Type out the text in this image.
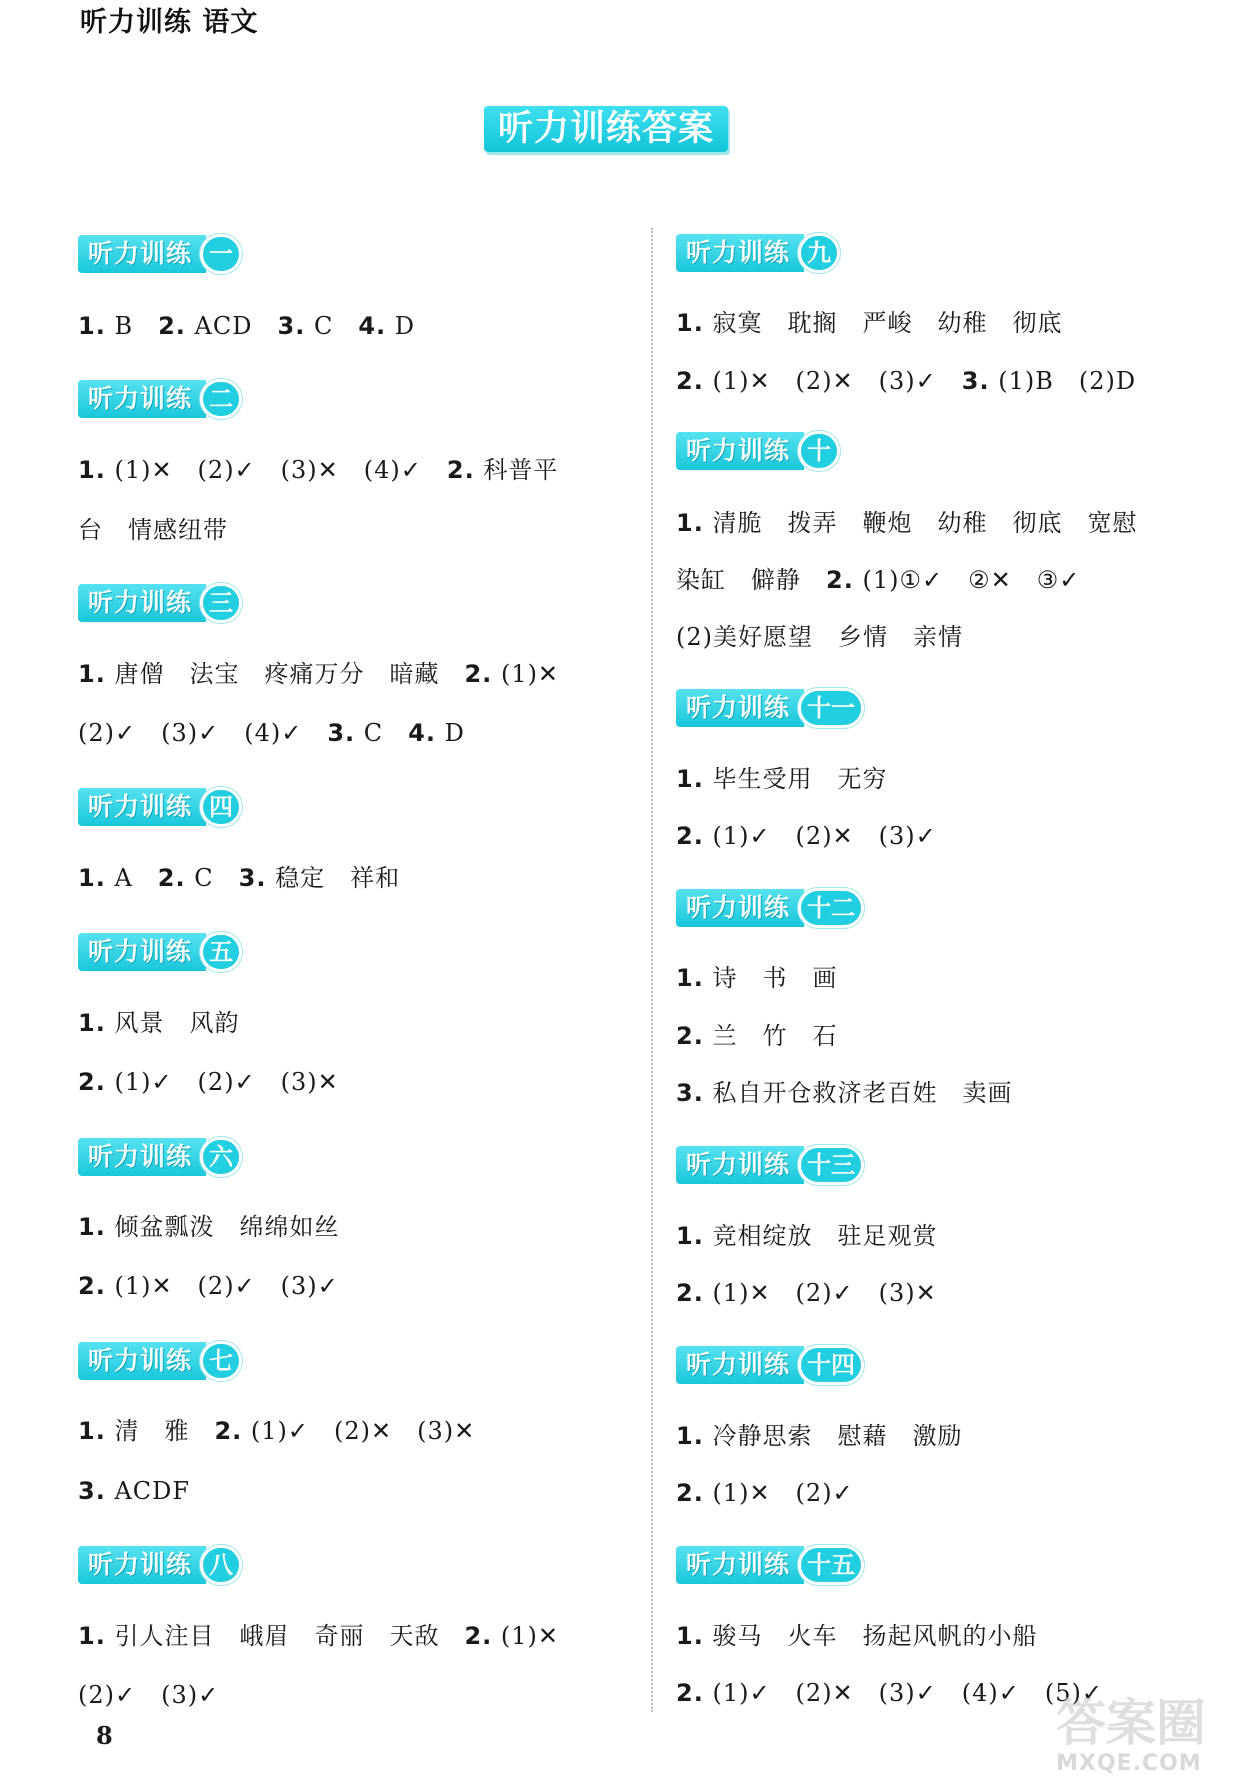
听力训练 语文
听力训练答案
听力训练 一
1. B　2. ACD　3. C　4. D
听力训练 二
1. (1)✕　(2)✓　(3)✕　(4)✓　2. 科普平
台　情感纽带
听力训练 三
1. 唐僧　法宝　疼痛万分　暗藏　2. (1)✕
(2)✓　(3)✓　(4)✓　3. C　4. D
听力训练 四
1. A　2. C　3. 稳定　祥和
听力训练 五
1. 风景　风韵
2. (1)✓　(2)✓　(3)✕
听力训练 六
1. 倾盆瓢泼　绵绵如丝
2. (1)✕　(2)✓　(3)✓
听力训练 七
1. 清　雅　2. (1)✓　(2)✕　(3)✕
3. ACDF
听力训练 八
1. 引人注目　峨眉　奇丽　天敌　2. (1)✕
(2)✓　(3)✓
听力训练 九
1. 寂寞　耽搁　严峻　幼稚　彻底
2. (1)✕　(2)✕　(3)✓　3. (1)B　(2)D
听力训练 十
1. 清脆　拨弄　鞭炮　幼稚　彻底　宽慰
染缸　僻静　2. (1)①✓　②✕　③✓
(2)美好愿望　乡情　亲情
听力训练 十一
1. 毕生受用　无穷
2. (1)✓　(2)✕　(3)✓
听力训练 十二
1. 诗　书　画
2. 兰　竹　石
3. 私自开仓救济老百姓　卖画
听力训练 十三
1. 竞相绽放　驻足观赏
2. (1)✕　(2)✓　(3)✕
听力训练 十四
1. 冷静思索　慰藉　激励
2. (1)✕　(2)✓
听力训练 十五
1. 骏马　火车　扬起风帆的小船
2. (1)✓　(2)✕　(3)✓　(4)✓　(5)✓
8	答案圈
MXQE.COM
